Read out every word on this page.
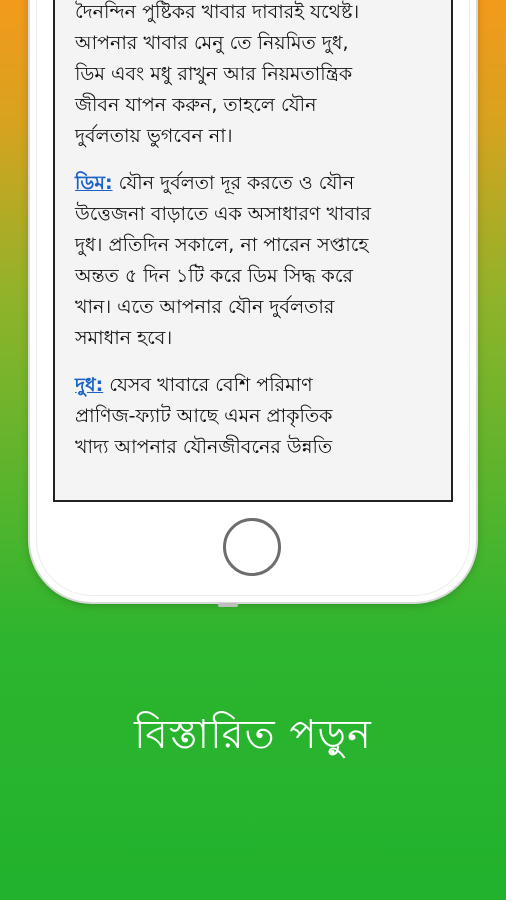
দৈনন্দিন পুষ্টিকর খাবার দাবারই যথেষ্ট।
আপনার খাবার মেনু তে নিয়মিত দুধ,
ডিম এবং মধু রাখুন আর নিয়মতান্ত্রিক
জীবন যাপন করুন, তাহলে যৌন
দুর্বলতায় ভুগবেন না।

ডিম: যৌন দুর্বলতা দূর করতে ও যৌন
উত্তেজনা বাড়াতে এক অসাধারণ খাবার
দুধ। প্রতিদিন সকালে, না পারেন সপ্তাহে
অন্তত ৫ দিন ১টি করে ডিম সিদ্ধ করে
খান। এতে আপনার যৌন দুর্বলতার
সমাধান হবে।

দুধ: যেসব খাবারে বেশি পরিমাণ
প্রাণিজ-ফ্যাট আছে এমন প্রাকৃতিক
খাদ্য আপনার যৌনজীবনের উন্নতি

বিস্তারিত পড়ুন
